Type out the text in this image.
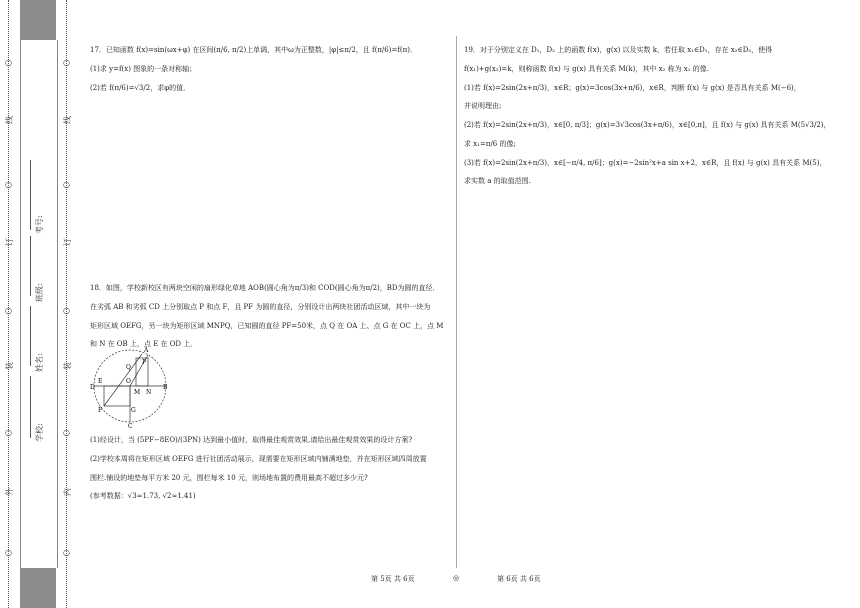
线
订
装
外
线
订
装
内
学校:
姓名:
班级:
考号:
○
○
○
○
○
○
○
○
○
○
17．已知函数 f(x)=sin(ωx+φ) 在区间(π/6, π/2)上单调，其中ω为正整数，|φ|≤π/2，且 f(π/6)=f(π)．
(1)求 y=f(x) 图象的一条对称轴；
(2)若 f(π/6)=√3/2，求φ的值．
18．如图，学校新校区有两块空闲的扇形绿化草地 AOB(圆心角为π/3)和 COD(圆心角为π/2)，BD为圆的直径．
在劣弧 AB 和劣弧 CD 上分别取点 P 和点 F，且 PF 为圆的直径，分别设计出两块社团活动区域，其中一块为
矩形区域 OEFG，另一块为矩形区域 MNPQ，已知圆的直径 PF=50米，点 Q 在 OA 上、点 G 在 OC 上，点 M
和 N 在 OB 上，点 E 在 OD 上．
(1)经设计，当 (5PF−8EO)/(3PN) 达到最小值时，取得最佳观赏效果,请给出最佳观赏效果的设计方案?
(2)学校本周将在矩形区域 OEFG 进行社团活动展示，现需要在矩形区域内铺满地垫，并在矩形区域四周放置
围栏.铺设的地垫每平方米 20 元，围栏每米 10 元，则场地布置的费用最高不超过多少元?
(参考数据：√3≈1.73, √2≈1.41)
A
P
Q
E	O
M N
B
D
F	G
C
19．对于分别定义在 D₁，D₂ 上的函数 f(x)，g(x) 以及实数 k，若任取 x₁∈D₁，存在 x₂∈D₂，使得
f(x₁)+g(x₂)=k，则称函数 f(x) 与 g(x) 具有关系 M(k)，其中 x₂ 称为 x₁ 的像.
(1)若 f(x)=2sin(2x+π/3)，x∈R；g(x)=3cos(3x+π/6)，x∈R，判断 f(x) 与 g(x) 是否具有关系 M(−6)，
并说明理由;
(2)若 f(x)=2sin(2x+π/3)，x∈[0, π/3]；g(x)=3√3cos(3x+π/6)，x∈[0,π]，且 f(x) 与 g(x) 具有关系 M(5√3/2)，
求 x₁=π/6 的像;
(3)若 f(x)=2sin(2x+π/3)，x∈[−π/4, π/6]；g(x)=−2sin²x+a sin x+2，x∈R，且 f(x) 与 g(x) 具有关系 M(5)，
求实数 a 的取值范围.
第 5页 共 6页	◎	第 6页 共 6页
